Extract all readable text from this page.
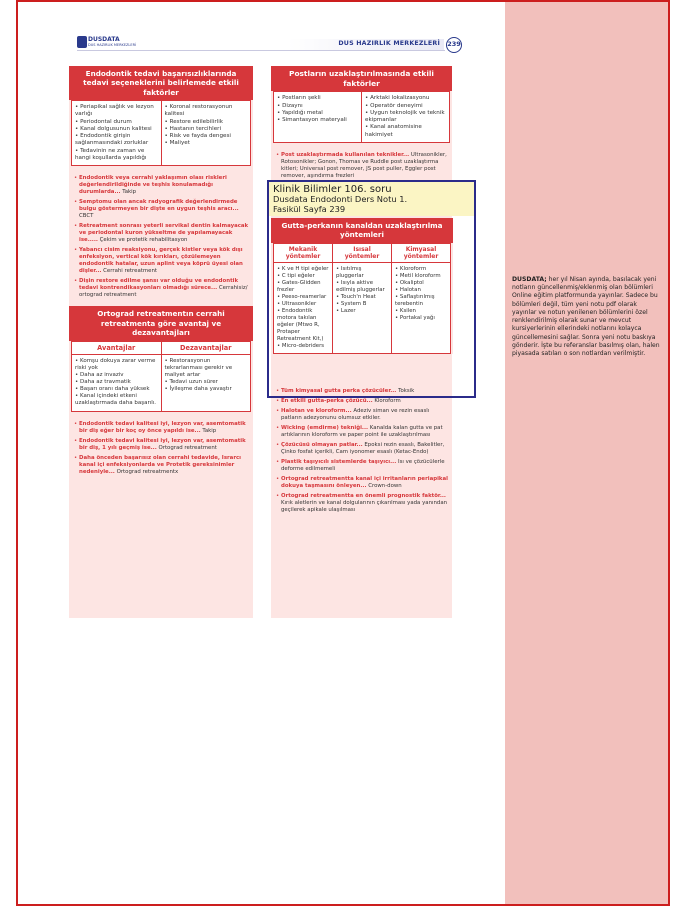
DUSDATA
DUS HAZIRLIK MERKEZLERİ	DUS HAZIRLIK MERKEZLERİ 239
Endodontik tedavi başarısızlıklarında tedavi seçeneklerini belirlemede etkili faktörler
• Periapikal sağlık ve lezyon varlığı
• Periodontal durum
• Kanal dolgusunun kalitesi
• Endodontik girişin sağlanmasındaki zorluklar
• Tedavinin ne zaman ve hangi koşullarda yapıldığı
• Koronal restorasyonun kalitesi
• Restore edilebilirlik
• Hastanın tercihleri
• Risk ve fayda dengesi
• Maliyet
• Endodontik veya cerrahi yaklaşımın olası riskleri değerlendirildiğinde ve teşhis konulamadığı durumlarda... Takip
• Semptomu olan ancak radyografik değerlendirmede bulgu göstermeyen bir dişte en uygun teşhis aracı... CBCT
• Retreatment sonrası yeterli servikal dentin kalmayacak ve periodontal kuron yükseltme de yapılamayacak ise..... Çekim ve protetik rehabilitasyon
• Yabancı cisim reaksiyonu, gerçek kistler veya kök dışı enfeksiyon, vertical kök kırıkları, çözülemeyen endodontik hatalar, uzun aplint veya köprü üyesi olan dişler... Cerrahi retreatment
• Dişin restore edilme şansı var olduğu ve endodontik tedavi kontrendikasyonları olmadığı sürece... Cerrahisiz/ ortograd retreatment
Ortograd retreatmentın cerrahi retreatmenta göre avantaj ve dezavantajları
Avantajlar	Dezavantajlar
• Komşu dokuya zarar verme riski yok
• Daha az invaziv
• Daha az travmatik
• Başarı oranı daha yüksek
• Kanal içindeki etkeni uzaklaştırmada daha başarılı.
• Restorasyonun tekrarlanması gerekir ve maliyet artar
• Tedavi uzun sürer
• İyileşme daha yavaştır
• Endodontik tedavi kalitesi iyi, lezyon var, asemtomatik bir diş eğer bir koç oy önce yapıldı ise... Takip
• Endodontik tedavi kalitesi iyi, lezyon var, asemtomatik bir diş, 1 yılı geçmiş ise... Ortograd retreatment
• Daha önceden başarısız olan cerrahi tedavide, Israrcı kanal içi enfeksiyonlarda ve Protetik gereksinimler nedeniyle... Ortograd retreatmentx
Postların uzaklaştırılmasında etkili faktörler
• Postların şekli
• Dizaynı
• Yapıldığı metal
• Simantasyon materyali
• Arktaki lokalizasyonu
• Operatör deneyimi
• Uygun teknolojik ve teknik ekipmanlar
• Kanal anatomisine hakimiyet
• Post uzaklaştırmada kullanılan teknikler... Ultrasonikler, Rotosonikler; Gonon, Thomas ve Ruddle post uzaklaştırma kitleri; Universal post remover, JS post puller, Eggler post remover, aşındırma frezleri
• Tüm kimyasal gutta perka çözücüler... Toksik
• En etkili gutta-perka çözücü... Kloroform
• Halotan ve kloroform... Adeziv siman ve rezin esaslı patların adezyonunu olumsuz etkiler.
• Wicking (emdirme) tekniği... Kanalda kalan gutta ve pat artıklarının kloroform ve paper point ile uzaklaştırılması
• Çözücüsü olmayan patlar... Epoksi rezin esaslı, Bakelitler, Çinko fosfat içerikli, Cam iyonomer esaslı (Ketac-Endo)
• Plastik taşıyıcılı sistemlerde taşıyıcı... Isı ve çözücülerle deforme edilmemeli
• Ortograd retreatmentta kanal içi irritanların periapikal dokuya taşmasını önleyen... Crown-down
• Ortograd retreatmentta en önemli prognostik faktör... Kırık aletlerin ve kanal dolgularının çıkarılması yada yanından geçilerek apikale ulaşılması
Klinik Bilimler 106. soru
Dusdata Endodonti Ders Notu 1.
Fasikül Sayfa 239
Gutta-perkanın kanaldan uzaklaştırılma yöntemleri
Mekanik yöntemler
Isısal yöntemler
Kimyasal yöntemler
• K ve H tipi eğeler
• C tipi eğeler
• Gates-Glidden frezler
• Peeso-reamerlar
• Ultrasonikler
• Endodontik motora takılan eğeler (Mtwo R, Protaper Retreatment Kit,)
• Micro-debriders
• Isıtılmış pluggerlar
• Isıyla aktive edilmiş pluggerlar
• Touch'n Heat
• System B
• Lazer
• Kloroform
• Metil kloroform
• Okaliptol
• Halotan
• Saflaştırılmış terebentin
• Ksilen
• Portakal yağı
DUSDATA; her yıl Nisan ayında, basılacak yeni notların güncellenmiş/eklenmiş olan bölümleri Online eğitim platformunda yayınlar. Sadece bu bölümleri değil, tüm yeni notu pdf olarak yayınlar ve notun yenilenen bölümlerini özel renklendirilmiş olarak sunar ve mevcut kursiyerlerinin ellerindeki notlarını kolayca güncellemesini sağlar. Sonra yeni notu baskıya gönderir. İşte bu referanslar basılmış olan, halen piyasada satılan o son notlardan verilmiştir.
